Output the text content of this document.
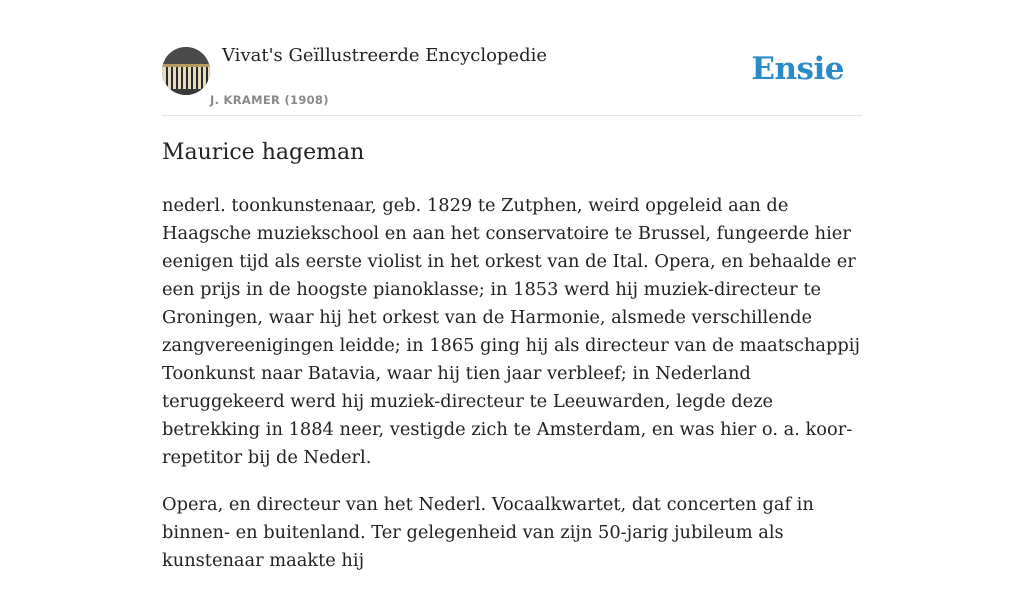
Vivat's Geïllustreerde Encyclopedie
J. KRAMER (1908)
Ensie
Maurice hageman

nederl. toonkunstenaar, geb. 1829 te Zutphen, weird opgeleid aan de Haagsche muziekschool en aan het conservatoire te Brussel, fungeerde hier eenigen tijd als eerste violist in het orkest van de Ital. Opera, en behaalde er een prijs in de hoogste pianoklasse; in 1853 werd hij muziek-directeur te Groningen, waar hij het orkest van de Harmonie, alsmede verschillende zangvereenigingen leidde; in 1865 ging hij als directeur van de maatschappij Toonkunst naar Batavia, waar hij tien jaar verbleef; in Nederland teruggekeerd werd hij muziek-directeur te Leeuwarden, legde deze betrekking in 1884 neer, vestigde zich te Amsterdam, en was hier o. a. koor-repetitor bij de Nederl.

Opera, en directeur van het Nederl. Vocaalkwartet, dat concerten gaf in binnen- en buitenland. Ter gelegenheid van zijn 50-jarig jubileum als kunstenaar maakte hij
